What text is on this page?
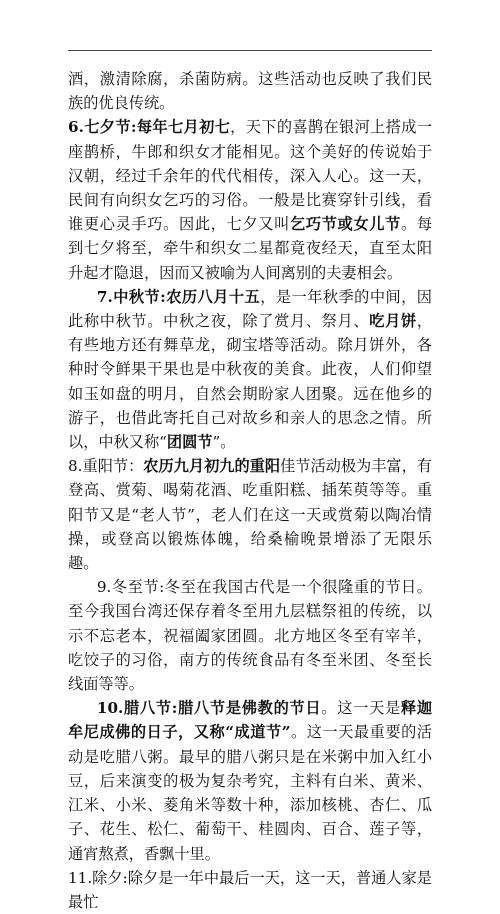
酒，激清除腐，杀菌防病。这些活动也反映了我们民族的优良传统。

6.七夕节:每年七月初七，天下的喜鹊在银河上搭成一座鹊桥，牛郎和织女才能相见。这个美好的传说始于汉朝，经过千余年的代代相传，深入人心。这一天，民间有向织女乞巧的习俗。一般是比赛穿针引线，看谁更心灵手巧。因此，七夕又叫乞巧节或女儿节。每到七夕将至，牵牛和织女二星都竟夜经天，直至太阳升起才隐退，因而又被喻为人间离别的夫妻相会。

7.中秋节:农历八月十五，是一年秋季的中间，因此称中秋节。中秋之夜，除了赏月、祭月、吃月饼，有些地方还有舞草龙，砌宝塔等活动。除月饼外，各种时令鲜果干果也是中秋夜的美食。此夜，人们仰望如玉如盘的明月，自然会期盼家人团聚。远在他乡的游子，也借此寄托自己对故乡和亲人的思念之情。所以，中秋又称“团圆节”。

8.重阳节：农历九月初九的重阳佳节活动极为丰富，有登高、赏菊、喝菊花酒、吃重阳糕、插茱萸等等。重阳节又是“老人节”，老人们在这一天或赏菊以陶冶情操，或登高以锻炼体魄，给桑榆晚景增添了无限乐趣。

9.冬至节:冬至在我国古代是一个很隆重的节日。至今我国台湾还保存着冬至用九层糕祭祖的传统，以示不忘老本，祝福阖家团圆。北方地区冬至有宰羊，吃饺子的习俗，南方的传统食品有冬至米团、冬至长线面等等。

10.腊八节:腊八节是佛教的节日。这一天是释迦牟尼成佛的日子，又称“成道节”。这一天最重要的活动是吃腊八粥。最早的腊八粥只是在米粥中加入红小豆，后来演变的极为复杂考究，主料有白米、黄米、江米、小米、菱角米等数十种，添加核桃、杏仁、瓜子、花生、松仁、葡萄干、桂圆肉、百合、莲子等，通宵熬煮，香飘十里。

11.除夕:除夕是一年中最后一天，这一天，普通人家是最忙
